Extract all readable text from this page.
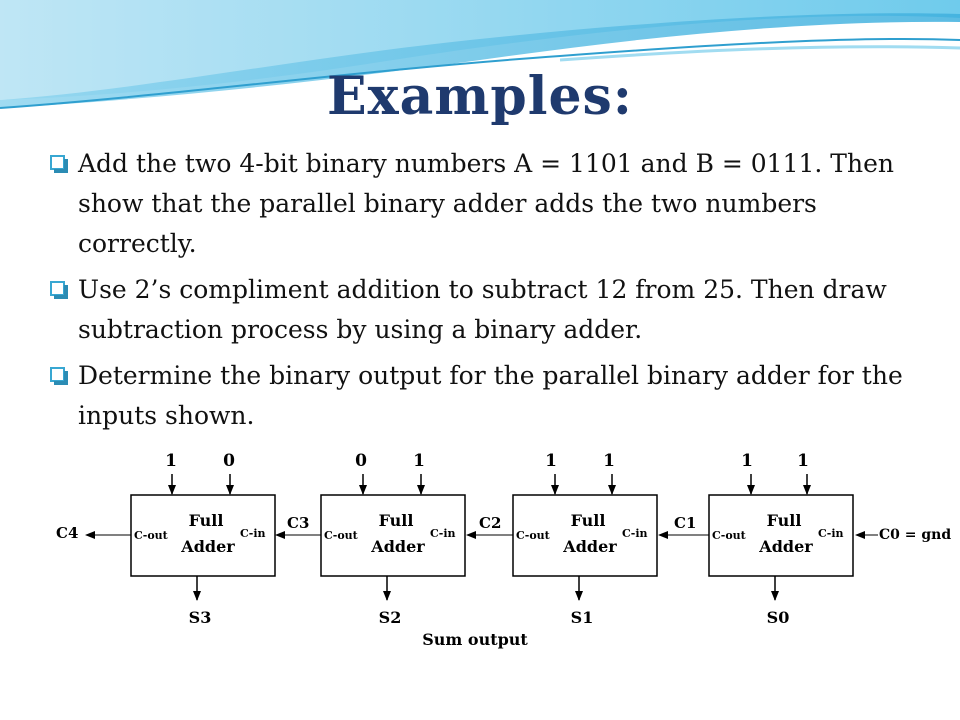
Examples:
Add the two 4-bit binary numbers A = 1101 and B = 0111. Then show that the parallel binary adder adds the two numbers correctly.
Use 2’s compliment addition to subtract 12 from 25. Then draw subtraction process by using a binary adder.
Determine the binary output for the parallel binary adder for the inputs shown.
1	0
Full
Adder
C-out	C-in
S3
C4
0	1
Full
Adder
C-out	C-in
S2
C3
1	1
Full
Adder
C-out	C-in
S1
C2
1	1
Full
Adder
C-out	C-in
S0
C1
C0 = gnd
Sum output
